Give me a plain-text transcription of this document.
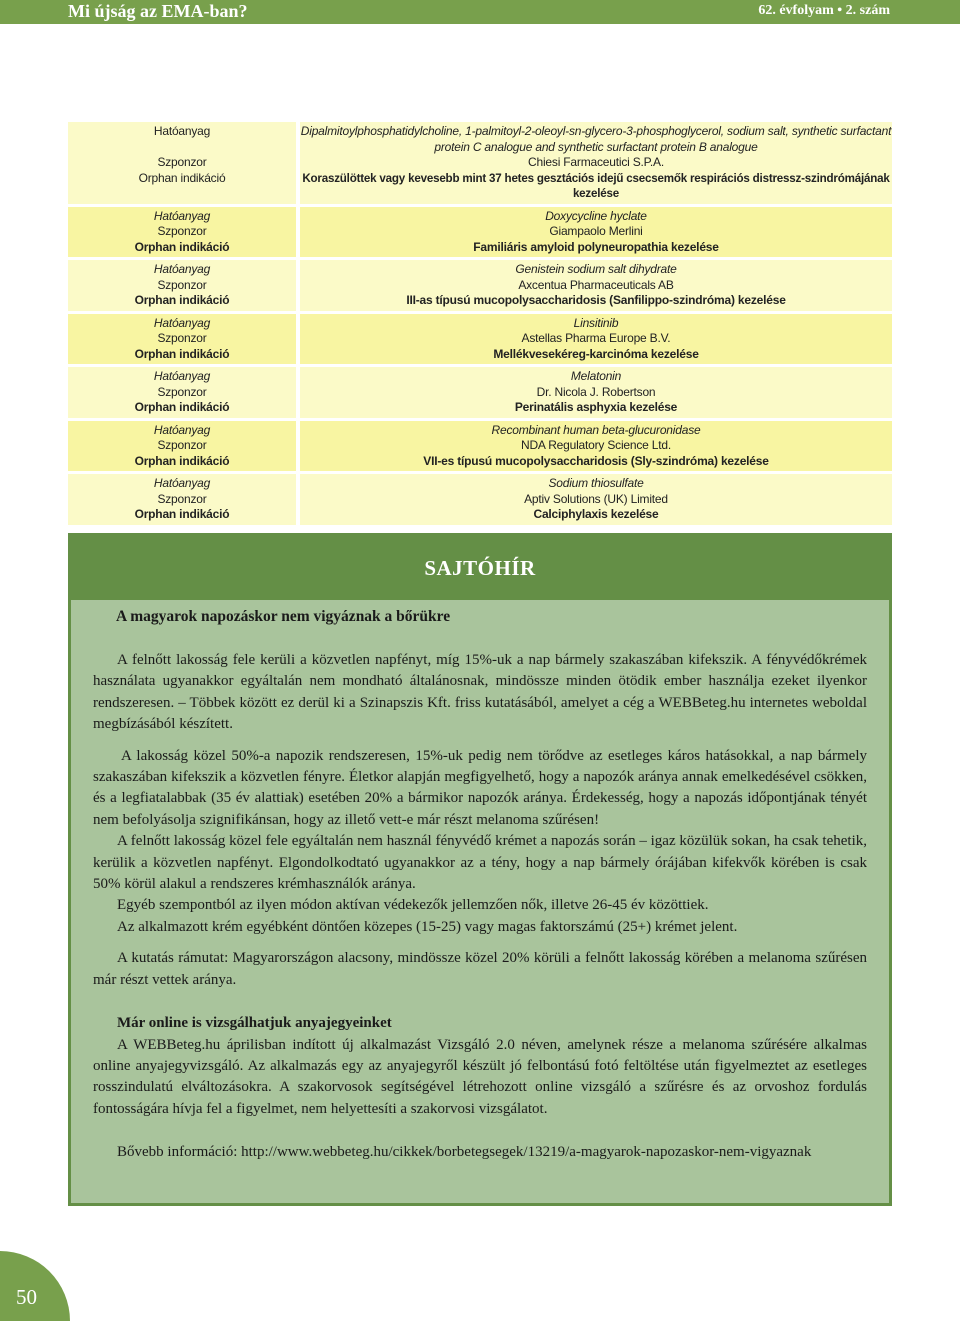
Mi újság az EMA-ban?	62. évfolyam • 2. szám
Hatóanyag
Szponzor
Orphan indikáció
Dipalmitoylphosphatidylcholine, 1-palmitoyl-2-oleoyl-sn-glycero-3-phosphoglycerol, sodium salt, synthetic surfactant
protein C analogue and synthetic surfactant protein B analogue
Chiesi Farmaceutici S.P.A.
Koraszülöttek vagy kevesebb mint 37 hetes gesztációs idejű csecsemők respirációs distressz-szindrómájának kezelése
Hatóanyag
Szponzor
Orphan indikáció
Doxycycline hyclate
Giampaolo Merlini
Familiáris amyloid polyneuropathia kezelése
Hatóanyag
Szponzor
Orphan indikáció
Genistein sodium salt dihydrate
Axcentua Pharmaceuticals AB
III-as típusú mucopolysaccharidosis (Sanfilippo-szindróma) kezelése
Hatóanyag
Szponzor
Orphan indikáció
Linsitinib
Astellas Pharma Europe B.V.
Mellékvesekéreg-karcinóma kezelése
Hatóanyag
Szponzor
Orphan indikáció
Melatonin
Dr. Nicola J. Robertson
Perinatális asphyxia kezelése
Hatóanyag
Szponzor
Orphan indikáció
Recombinant human beta-glucuronidase
NDA Regulatory Science Ltd.
VII-es típusú mucopolysaccharidosis (Sly-szindróma) kezelése
Hatóanyag
Szponzor
Orphan indikáció
Sodium thiosulfate
Aptiv Solutions (UK) Limited
Calciphylaxis kezelése
SAJTÓHÍR
A magyarok napozáskor nem vigyáznak a bőrükre

A felnőtt lakosság fele kerüli a közvetlen napfényt, míg 15%-uk a nap bármely szakaszában kifekszik. A fényvédőkrémek használata ugyanakkor egyáltalán nem mondható általánosnak, mindössze minden ötödik ember használja ezeket ilyenkor rendszeresen. – Többek között ez derül ki a Szinapszis Kft. friss kutatásából, amelyet a cég a WEBBeteg.hu internetes weboldal megbízásából készített.

A lakosság közel 50%-a napozik rendszeresen, 15%-uk pedig nem törődve az esetleges káros hatásokkal, a nap bármely szakaszában kifekszik a közvetlen fényre. Életkor alapján megfigyelhető, hogy a napozók aránya annak emelkedésével csökken, és a legfiatalabbak (35 év alattiak) esetében 20% a bármikor napozók aránya. Érdekesség, hogy a napozás időpontjának tényét nem befolyásolja szignifikánsan, hogy az illető vett-e már részt melanoma szűrésen!

A felnőtt lakosság közel fele egyáltalán nem használ fényvédő krémet a napozás során – igaz közülük sokan, ha csak tehetik, kerülik a közvetlen napfényt. Elgondolkodtató ugyanakkor az a tény, hogy a nap bármely órájában kifekvők körében is csak 50% körül alakul a rendszeres krémhasználók aránya.

Egyéb szempontból az ilyen módon aktívan védekezők jellemzően nők, illetve 26-45 év közöttiek.

Az alkalmazott krém egyébként döntően közepes (15-25) vagy magas faktorszámú (25+) krémet jelent.

A kutatás rámutat: Magyarországon alacsony, mindössze közel 20% körüli a felnőtt lakosság körében a melanoma szűrésen már részt vettek aránya.

Már online is vizsgálhatjuk anyajegyeinket

A WEBBeteg.hu áprilisban indított új alkalmazást Vizsgáló 2.0 néven, amelynek része a melanoma szűrésére alkalmas online anyajegyvizsgáló. Az alkalmazás egy az anyajegyről készült jó felbontású fotó feltöltése után figyelmeztet az esetleges rosszindulatú elváltozásokra. A szakorvosok segítségével létrehozott online vizsgáló a szűrésre és az orvoshoz fordulás fontosságára hívja fel a figyelmet, nem helyettesíti a szakorvosi vizsgálatot.

Bővebb információ: http://www.webbeteg.hu/cikkek/borbetegsegek/13219/a-magyarok-napozaskor-nem-vigyaznak

50
